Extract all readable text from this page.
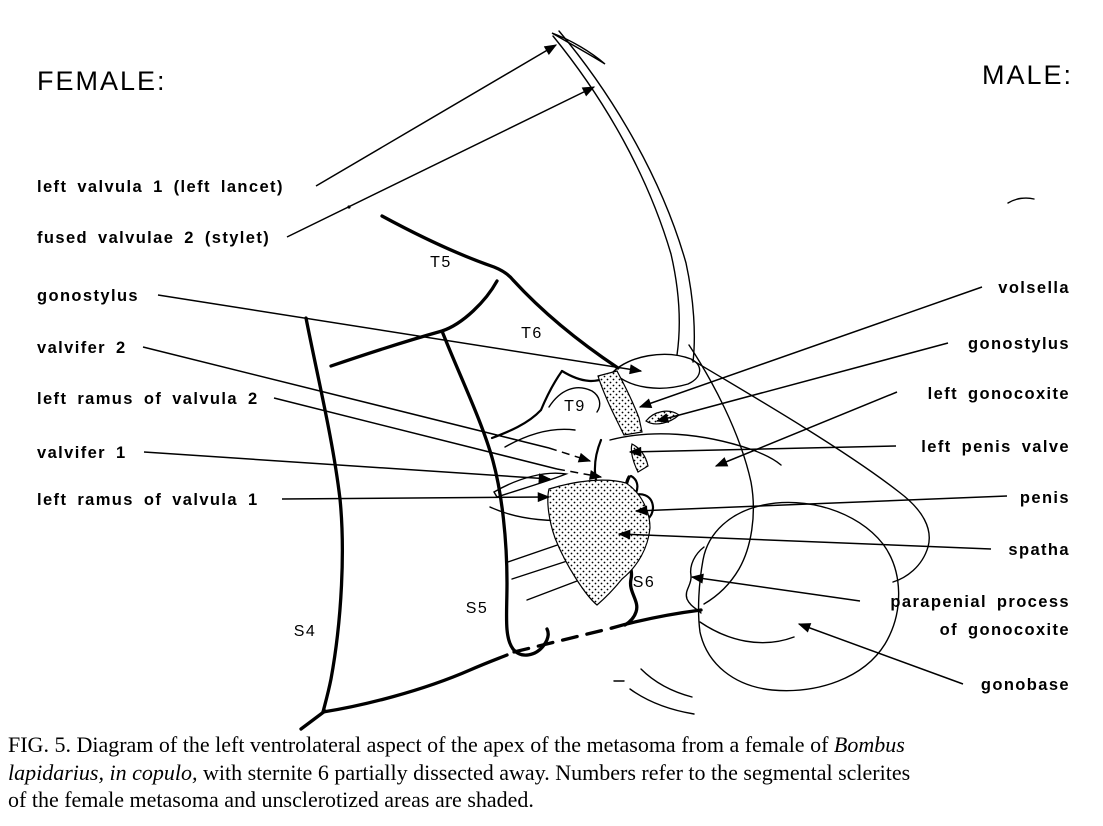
FEMALE:	MALE:
left valvula 1 (left lancet)
fused valvulae 2 (stylet)
gonostylus
valvifer 2
left ramus of valvula 2
valvifer 1
left ramus of valvula 1
volsella
gonostylus
left gonocoxite
left penis valve
penis
spatha
parapenial process
of gonocoxite
gonobase
T5
T6
T9
S4
S5
S6
FIG. 5. Diagram of the left ventrolateral aspect of the apex of the metasoma from a female of Bombus
lapidarius, in copulo, with sternite 6 partially dissected away. Numbers refer to the segmental sclerites
of the female metasoma and unsclerotized areas are shaded.
